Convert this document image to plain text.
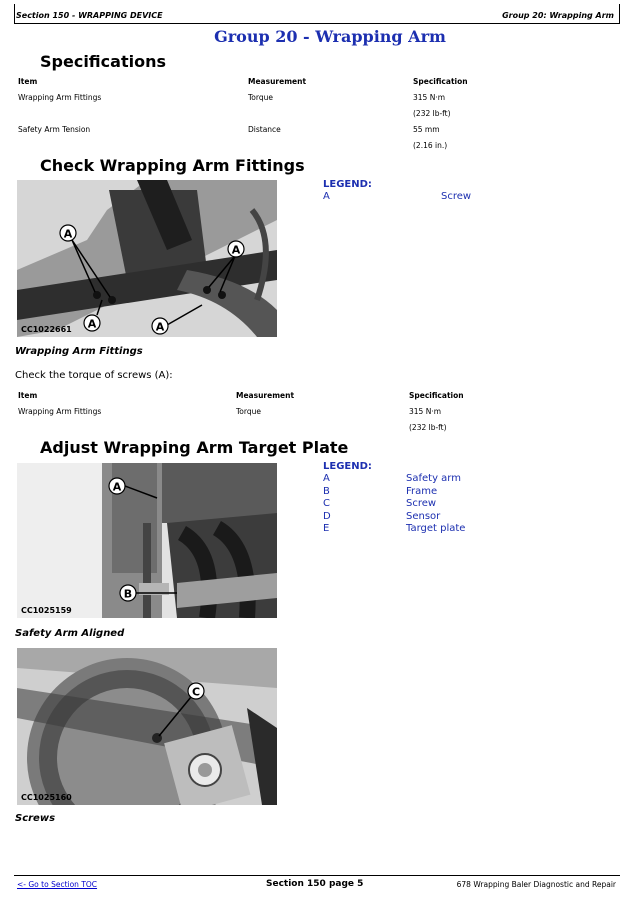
Section 150 - WRAPPING DEVICE	Group 20: Wrapping Arm
Group 20 - Wrapping Arm
Specifications
Item	Measurement	Specification
Wrapping Arm Fittings	Torque	315 N·m
(232 lb-ft)
Safety Arm Tension	Distance	55 mm
(2.16 in.)
Check Wrapping Arm Fittings
A
A
A	A
CC1022661
LEGEND:
A	Screw
Wrapping Arm Fittings
Check the torque of screws (A):
Item	Measurement	Specification
Wrapping Arm Fittings	Torque	315 N·m
(232 lb-ft)
Adjust Wrapping Arm Target Plate
A
B
CC1025159
LEGEND:
A	Safety arm
B	Frame
C	Screw
D	Sensor
E	Target plate
Safety Arm Aligned
C
CC1025160
Screws
<- Go to Section TOC	Section 150 page 5	678 Wrapping Baler Diagnostic and Repair
